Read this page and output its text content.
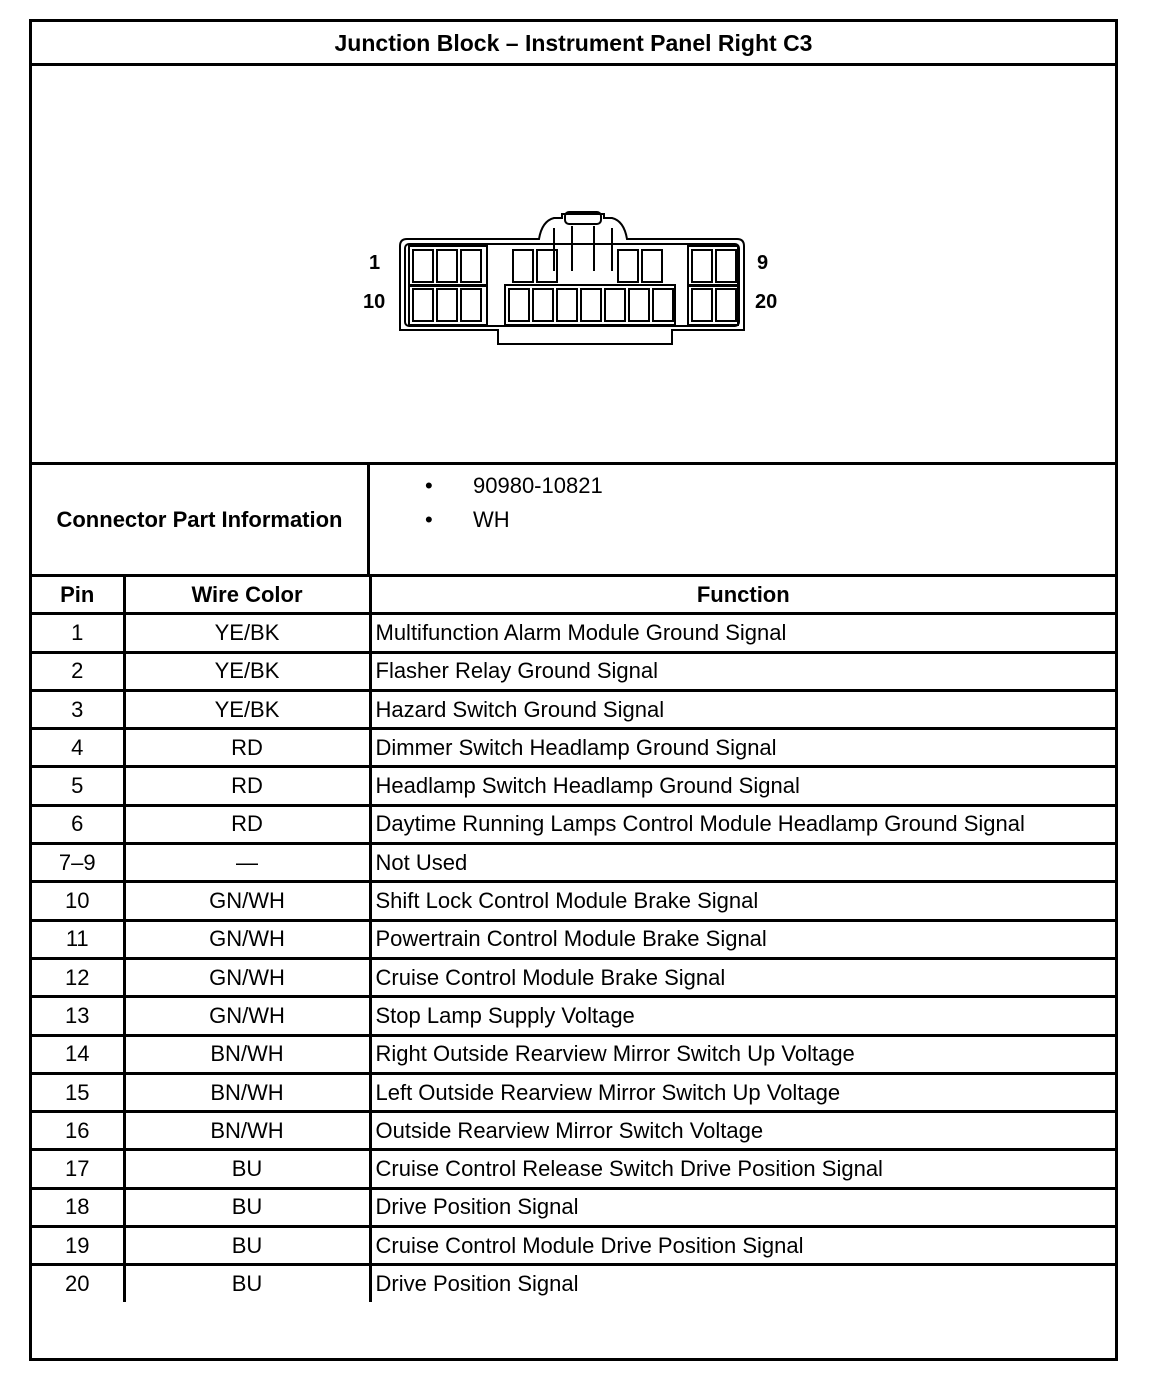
Junction Block – Instrument Panel Right C3
1	9
10	20
Connector Part Information
• 90980-10821
• WH
Pin	Wire Color	Function
1	YE/BK	Multifunction Alarm Module Ground Signal
2	YE/BK	Flasher Relay Ground Signal
3	YE/BK	Hazard Switch Ground Signal
4	RD	Dimmer Switch Headlamp Ground Signal
5	RD	Headlamp Switch Headlamp Ground Signal
6	RD	Daytime Running Lamps Control Module Headlamp Ground Signal
7–9	—	Not Used
10	GN/WH	Shift Lock Control Module Brake Signal
11	GN/WH	Powertrain Control Module Brake Signal
12	GN/WH	Cruise Control Module Brake Signal
13	GN/WH	Stop Lamp Supply Voltage
14	BN/WH	Right Outside Rearview Mirror Switch Up Voltage
15	BN/WH	Left Outside Rearview Mirror Switch Up Voltage
16	BN/WH	Outside Rearview Mirror Switch Voltage
17	BU	Cruise Control Release Switch Drive Position Signal
18	BU	Drive Position Signal
19	BU	Cruise Control Module Drive Position Signal
20	BU	Drive Position Signal
